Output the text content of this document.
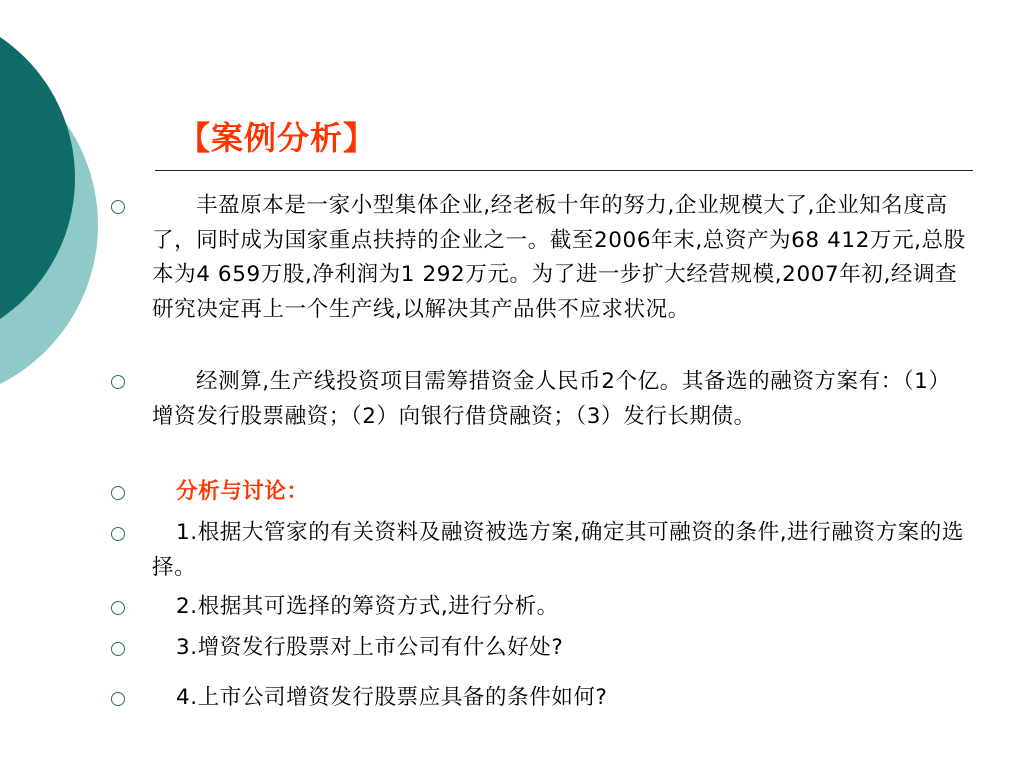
【案例分析】
丰盈原本是一家小型集体企业,经老板十年的努力,企业规模大了,企业知名度高了，同时成为国家重点扶持的企业之一。截至2006年末,总资产为68 412万元,总股本为4 659万股,净利润为1 292万元。为了进一步扩大经营规模,2007年初,经调查研究决定再上一个生产线,以解决其产品供不应求状况。
经测算,生产线投资项目需筹措资金人民币2个亿。其备选的融资方案有：（1）增资发行股票融资；（2）向银行借贷融资；（3）发行长期债。
分析与讨论：
1.根据大管家的有关资料及融资被选方案,确定其可融资的条件,进行融资方案的选择。
2.根据其可选择的筹资方式,进行分析。
3.增资发行股票对上市公司有什么好处?
4.上市公司增资发行股票应具备的条件如何?
